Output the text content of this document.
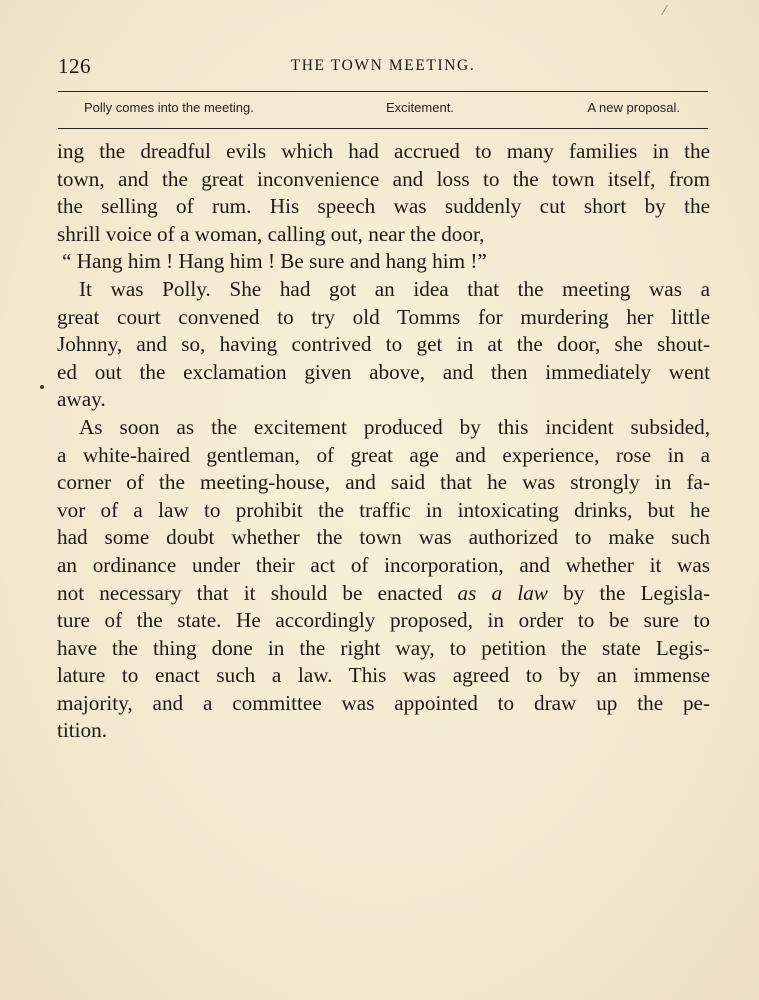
/
126	THE TOWN MEETING.
Polly comes into the meeting.	Excitement.	A new proposal.
ing the dreadful evils which had accrued to many families in the
town, and the great inconvenience and loss to the town itself, from
the selling of rum. His speech was suddenly cut short by the
shrill voice of a woman, calling out, near the door,
“ Hang him ! Hang him ! Be sure and hang him !”
It was Polly. She had got an idea that the meeting was a
great court convened to try old Tomms for murdering her little
Johnny, and so, having contrived to get in at the door, she shout-
ed out the exclamation given above, and then immediately went
away.
As soon as the excitement produced by this incident subsided,
a white-haired gentleman, of great age and experience, rose in a
corner of the meeting-house, and said that he was strongly in fa-
vor of a law to prohibit the traffic in intoxicating drinks, but he
had some doubt whether the town was authorized to make such
an ordinance under their act of incorporation, and whether it was
not necessary that it should be enacted as a law by the Legisla-
ture of the state. He accordingly proposed, in order to be sure to
have the thing done in the right way, to petition the state Legis-
lature to enact such a law. This was agreed to by an immense
majority, and a committee was appointed to draw up the pe-
tition.
